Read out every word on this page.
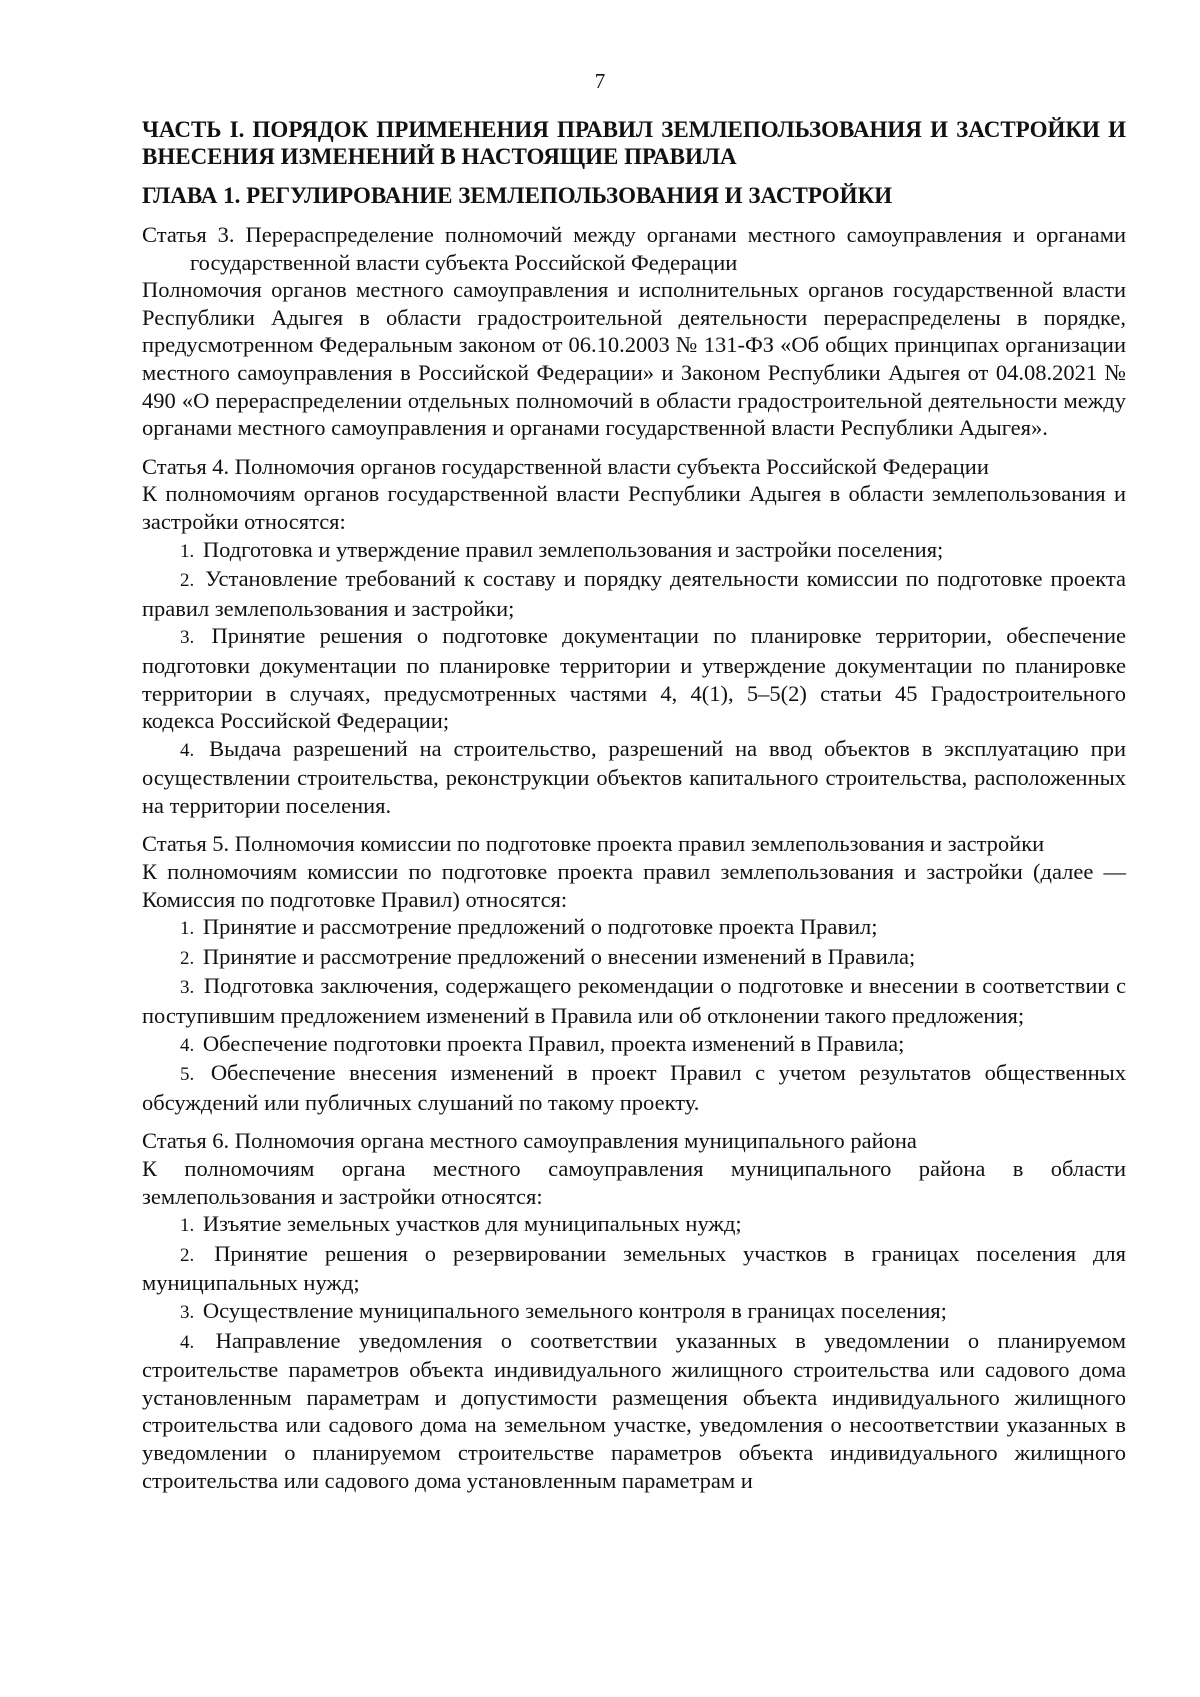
7
ЧАСТЬ I. ПОРЯДОК ПРИМЕНЕНИЯ ПРАВИЛ ЗЕМЛЕПОЛЬЗОВАНИЯ И ЗАСТРОЙКИ И ВНЕСЕНИЯ ИЗМЕНЕНИЙ В НАСТОЯЩИЕ ПРАВИЛА
ГЛАВА 1. РЕГУЛИРОВАНИЕ ЗЕМЛЕПОЛЬЗОВАНИЯ И ЗАСТРОЙКИ
Статья 3. Перераспределение полномочий между органами местного самоуправления и органами государственной власти субъекта Российской Федерации
Полномочия органов местного самоуправления и исполнительных органов государственной власти Республики Адыгея в области градостроительной деятельности перераспределены в порядке, предусмотренном Федеральным законом от 06.10.2003 № 131-ФЗ «Об общих принципах организации местного самоуправления в Российской Федерации» и Законом Республики Адыгея от 04.08.2021 № 490 «О перераспределении отдельных полномочий в области градостроительной деятельности между органами местного самоуправления и органами государственной власти Республики Адыгея».
Статья 4. Полномочия органов государственной власти субъекта Российской Федерации
К полномочиям органов государственной власти Республики Адыгея в области землепользования и застройки относятся:
1. Подготовка и утверждение правил землепользования и застройки поселения;
2. Установление требований к составу и порядку деятельности комиссии по подготовке проекта правил землепользования и застройки;
3. Принятие решения о подготовке документации по планировке территории, обеспечение подготовки документации по планировке территории и утверждение документации по планировке территории в случаях, предусмотренных частями 4, 4(1), 5–5(2) статьи 45 Градостроительного кодекса Российской Федерации;
4. Выдача разрешений на строительство, разрешений на ввод объектов в эксплуатацию при осуществлении строительства, реконструкции объектов капитального строительства, расположенных на территории поселения.
Статья 5. Полномочия комиссии по подготовке проекта правил землепользования и застройки
К полномочиям комиссии по подготовке проекта правил землепользования и застройки (далее — Комиссия по подготовке Правил) относятся:
1. Принятие и рассмотрение предложений о подготовке проекта Правил;
2. Принятие и рассмотрение предложений о внесении изменений в Правила;
3. Подготовка заключения, содержащего рекомендации о подготовке и внесении в соответствии с поступившим предложением изменений в Правила или об отклонении такого предложения;
4. Обеспечение подготовки проекта Правил, проекта изменений в Правила;
5. Обеспечение внесения изменений в проект Правил с учетом результатов общественных обсуждений или публичных слушаний по такому проекту.
Статья 6. Полномочия органа местного самоуправления муниципального района
К полномочиям органа местного самоуправления муниципального района в области землепользования и застройки относятся:
1. Изъятие земельных участков для муниципальных нужд;
2. Принятие решения о резервировании земельных участков в границах поселения для муниципальных нужд;
3. Осуществление муниципального земельного контроля в границах поселения;
4. Направление уведомления о соответствии указанных в уведомлении о планируемом строительстве параметров объекта индивидуального жилищного строительства или садового дома установленным параметрам и допустимости размещения объекта индивидуального жилищного строительства или садового дома на земельном участке, уведомления о несоответствии указанных в уведомлении о планируемом строительстве параметров объекта индивидуального жилищного строительства или садового дома установленным параметрам и
